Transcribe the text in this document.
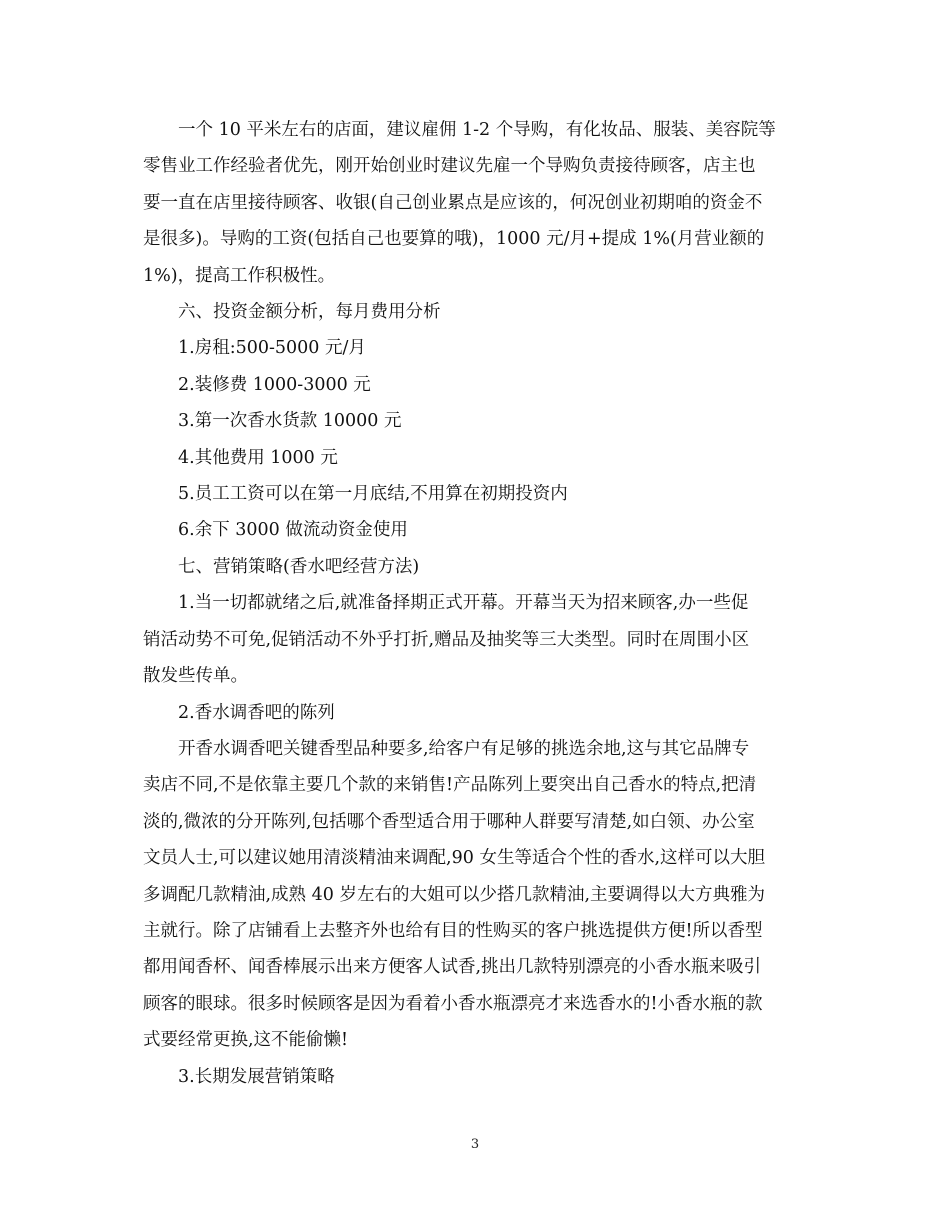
一个 10 平米左右的店面，建议雇佣 1-2 个导购，有化妆品、服装、美容院等
零售业工作经验者优先，刚开始创业时建议先雇一个导购负责接待顾客，店主也
要一直在店里接待顾客、收银(自己创业累点是应该的，何况创业初期咱的资金不
是很多)。导购的工资(包括自己也要算的哦)，1000 元/月+提成 1%(月营业额的
1%)，提高工作积极性。

六、投资金额分析，每月费用分析

1.房租:500-5000 元/月

2.装修费 1000-3000 元

3.第一次香水货款 10000 元

4.其他费用 1000 元

5.员工工资可以在第一月底结,不用算在初期投资内

6.余下 3000 做流动资金使用

七、营销策略(香水吧经营方法)

1.当一切都就绪之后,就准备择期正式开幕。开幕当天为招来顾客,办一些促
销活动势不可免,促销活动不外乎打折,赠品及抽奖等三大类型。同时在周围小区
散发些传单。

2.香水调香吧的陈列

开香水调香吧关键香型品种要多,给客户有足够的挑选余地,这与其它品牌专
卖店不同,不是依靠主要几个款的来销售!产品陈列上要突出自己香水的特点,把清
淡的,微浓的分开陈列,包括哪个香型适合用于哪种人群要写清楚,如白领、办公室
文员人士,可以建议她用清淡精油来调配,90 女生等适合个性的香水,这样可以大胆
多调配几款精油,成熟 40 岁左右的大姐可以少搭几款精油,主要调得以大方典雅为
主就行。除了店铺看上去整齐外也给有目的性购买的客户挑选提供方便!所以香型
都用闻香杯、闻香棒展示出来方便客人试香,挑出几款特别漂亮的小香水瓶来吸引
顾客的眼球。很多时候顾客是因为看着小香水瓶漂亮才来选香水的!小香水瓶的款
式要经常更换,这不能偷懒!

3.长期发展营销策略

3
